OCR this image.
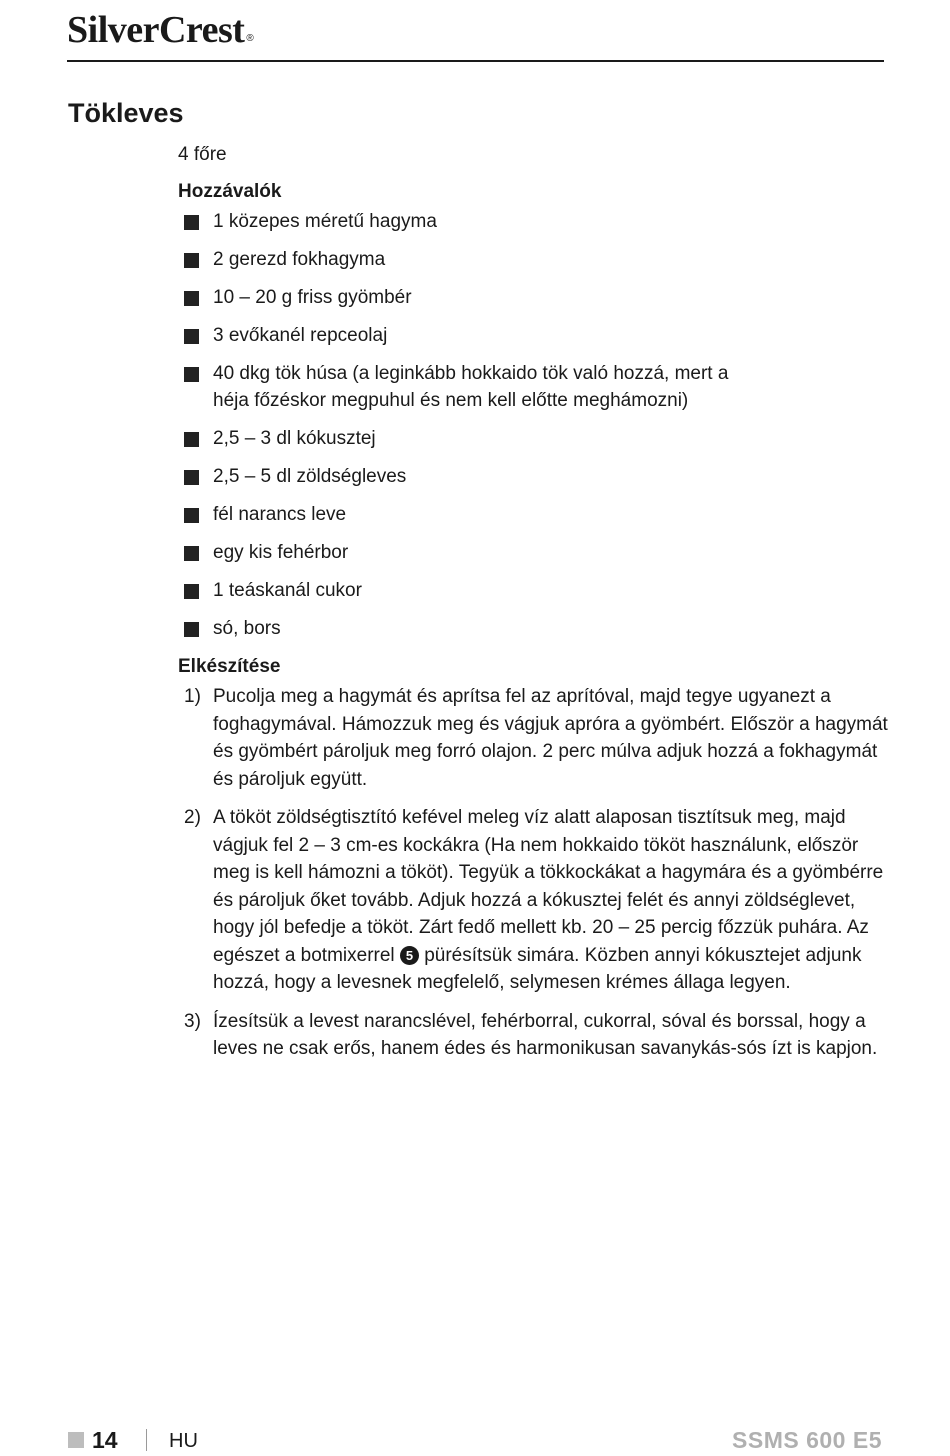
SilverCrest ®
Tökleves
4 főre
Hozzávalók
1 közepes méretű hagyma
2 gerezd fokhagyma
10 – 20 g friss gyömbér
3 evőkanél repceolaj
40 dkg tök húsa (a leginkább hokkaido tök való hozzá, mert a héja főzéskor megpuhul és nem kell előtte meghámozni)
2,5 – 3 dl kókusztej
2,5 – 5 dl zöldségleves
fél narancs leve
egy kis fehérbor
1 teáskanál cukor
só, bors
Elkészítése
1) Pucolja meg a hagymát és aprítsa fel az aprítóval, majd tegye ugyanezt a foghagymával. Hámozzuk meg és vágjuk apróra a gyömbért. Először a hagymát és gyömbért pároljuk meg forró olajon. 2 perc múlva adjuk hozzá a fokhagymát és pároljuk együtt.
2) A tököt zöldségtisztító kefével meleg víz alatt alaposan tisztítsuk meg, majd vágjuk fel 2 – 3 cm-es kockákra (Ha nem hokkaido tököt használunk, először meg is kell hámozni a tököt). Tegyük a tökkockákat a hagymára és a gyömbérre és pároljuk őket tovább. Adjuk hozzá a kókusztej felét és annyi zöldséglevet, hogy jól befedje a tököt. Zárt fedő mellett kb. 20 – 25 percig főzzük puhára. Az egészet a botmixerrel 5 pürésítsük simára. Közben annyi kókusztejet adjunk hozzá, hogy a levesnek megfelelő, selymesen krémes állaga legyen.
3) Ízesítsük a levest narancslével, fehérborral, cukorral, sóval és borssal, hogy a leves ne csak erős, hanem édes és harmonikusan savanykás-sós ízt is kapjon.
14	HU	SSMS 600 E5
